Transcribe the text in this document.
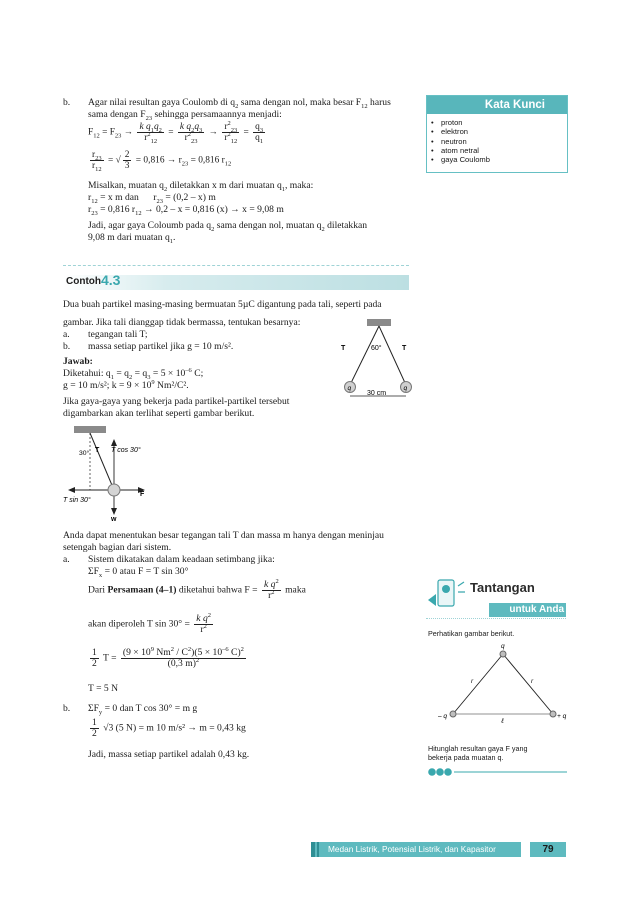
b. Agar nilai resultan gaya Coulomb di $q_2$ sama dengan nol, maka besar $F_{12}$ harus
sama dengan $F_{23}$ sehingga persamaannya menjadi:
$F_{12} = F_{23} \to \frac{k q_1q_2}{r^2_{12}} = \frac{k q_2q_3}{r^2_{23}} \to \frac{r^2_{23}}{r^2_{12}} = \frac{q_3}{q_1}$
$\frac{r_{23}}{r_{12}}$ = √ $\frac{2}{3} = 0,816 \to r_{23} = 0,816$ $r_{12}$
Misalkan, muatan $q_2$ diletakkan x m dari muatan $q_1$, maka:
$r_{12} = x$ m dan $r_{23} = (0,2 - x)$ m
$r_{23} = 0,816$ $r_{12} \to 0,2 - x = 0,816$ (x) → x = 9,08 m
Jadi, agar gaya Coloumb pada $q_2$ sama dengan nol, muatan $q_2$ diletakkan
9,08 m dari muatan $q_1$.
Kata Kunci
• proton
• elektron
• neutron
• atom netral
• gaya Coulomb
Contoh 4.3
Dua buah partikel masing-masing bermuatan 5µC digantung pada tali, seperti pada
gambar. Jika tali dianggap tidak bermassa, tentukan besarnya:
a. tegangan tali T;
b. massa setiap partikel jika g = 10 m/s².
Jawab:
Diketahui: $q_1 = q_2 = q_3 = 5 \times 10^{-6}$ C;
g = 10 m/s²; $k = 9 \times 10^9$ Nm²/C².
Jika gaya-gaya yang bekerja pada partikel-partikel tersebut
digambarkan akan terlihat seperti gambar berikut.
T	60°	T
q	q
30 cm
30° T T cos 30°
T sin 30°
F
w
Anda dapat menentukan besar tegangan tali T dan massa m hanya dengan meninjau
setengah bagian dari sistem.
a. Sistem dikatakan dalam keadaan setimbang jika:
$\Sigma F_x = 0$ atau F = T sin 30°
Dari Persamaan (4–1) diketahui bahwa $F = \frac{k q^2}{r^2}$ maka
akan diperoleh T $\sin 30^\circ = \frac{k q^2}{r^2}$
$\frac{1}{2}$ $T = \frac{(9 \times 10^9 Nm^2 / C^2)(5 \times 10^{-6} C)^2}{(0,3 m)^2}$
T = 5 N
b. $\Sigma F_y = 0$ dan T cos 30° = m g
$\frac{1}{2} √3$ (5 N) = m 10 m/s² → m = 0,43 kg
Jadi, massa setiap partikel adalah 0,43 kg.
Tantangan
untuk Anda
Perhatikan gambar berikut.
q
r	r
– q	+ q
ℓ
Hitunglah resultan gaya F yang
bekerja pada muatan q.
Medan Listrik, Potensial Listrik, dan Kapasitor	79
